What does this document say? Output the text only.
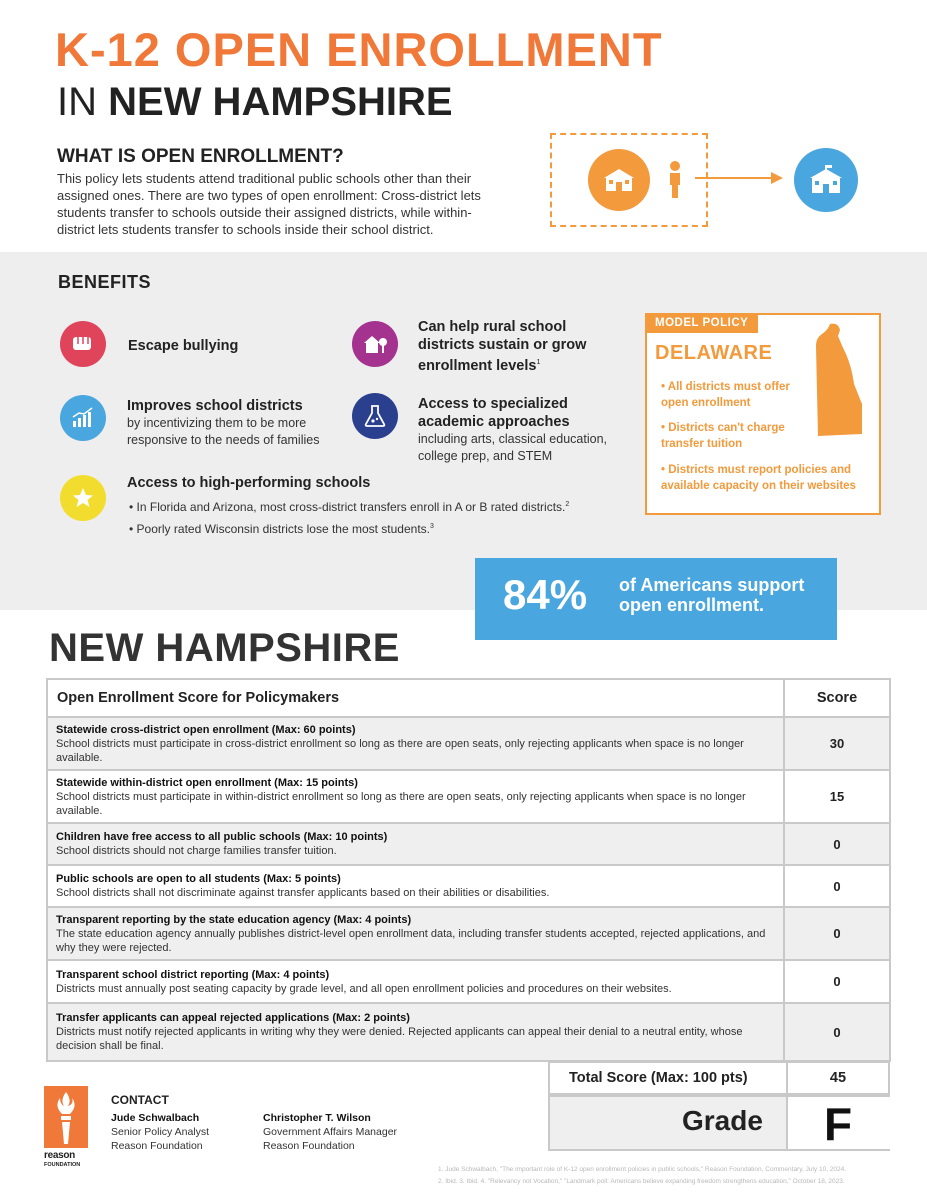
K-12 OPEN ENROLLMENT
IN NEW HAMPSHIRE
WHAT IS OPEN ENROLLMENT?
This policy lets students attend traditional public schools other than their assigned ones. There are two types of open enrollment: Cross-district lets students transfer to schools outside their assigned districts, while within-district lets students transfer to schools inside their school district.
BENEFITS
Escape bullying
Can help rural school districts sustain or grow enrollment levels$^1$
Improves school districts
by incentivizing them to be more responsive to the needs of families
Access to specialized academic approaches
including arts, classical education, college prep, and STEM
Access to high-performing schools
• In Florida and Arizona, most cross-district transfers enroll in A or B rated districts.$^2$
• Poorly rated Wisconsin districts lose the most students.$^3$
MODEL POLICY
DELAWARE
• All districts must offer open enrollment
• Districts can't charge transfer tuition
• Districts must report policies and available capacity on their websites
84% of Americans support
open enrollment.
NEW HAMPSHIRE
Open Enrollment Score for Policymakers	Score

Statewide cross-district open enrollment (Max: 60 points)
School districts must participate in cross-district enrollment so long as there are open seats, only rejecting applicants when space is no longer available.	30

Statewide within-district open enrollment (Max: 15 points)
School districts must participate in within-district enrollment so long as there are open seats, only rejecting applicants when space is no longer available.	15

Children have free access to all public schools (Max: 10 points)
School districts should not charge families transfer tuition.	0

Public schools are open to all students (Max: 5 points)
School districts shall not discriminate against transfer applicants based on their abilities or disabilities.	0

Transparent reporting by the state education agency (Max: 4 points)
The state education agency annually publishes district-level open enrollment data, including transfer students accepted, rejected applications, and why they were rejected.	0

Transparent school district reporting (Max: 4 points)
Districts must annually post seating capacity by grade level, and all open enrollment policies and procedures on their websites.	0

Transfer applicants can appeal rejected applications (Max: 2 points)
Districts must notify rejected applicants in writing why they were denied. Rejected applicants can appeal their denial to a neutral entity, whose decision shall be final.	0
Total Score (Max: 100 pts)	45
Grade	F
reason
FOUNDATION
CONTACT
Jude Schwalbach
Senior Policy Analyst
Reason Foundation
Christopher T. Wilson
Government Affairs Manager
Reason Foundation
1. Jude Schwalbach, "The important role of K-12 open enrollment policies in public schools," Reason Foundation, Commentary, July 10, 2024.
2. Ibid. 3. Ibid. 4. "Relevancy not Vocation," "Landmark poll: Americans believe expanding freedom strengthens education," October 18, 2023.
